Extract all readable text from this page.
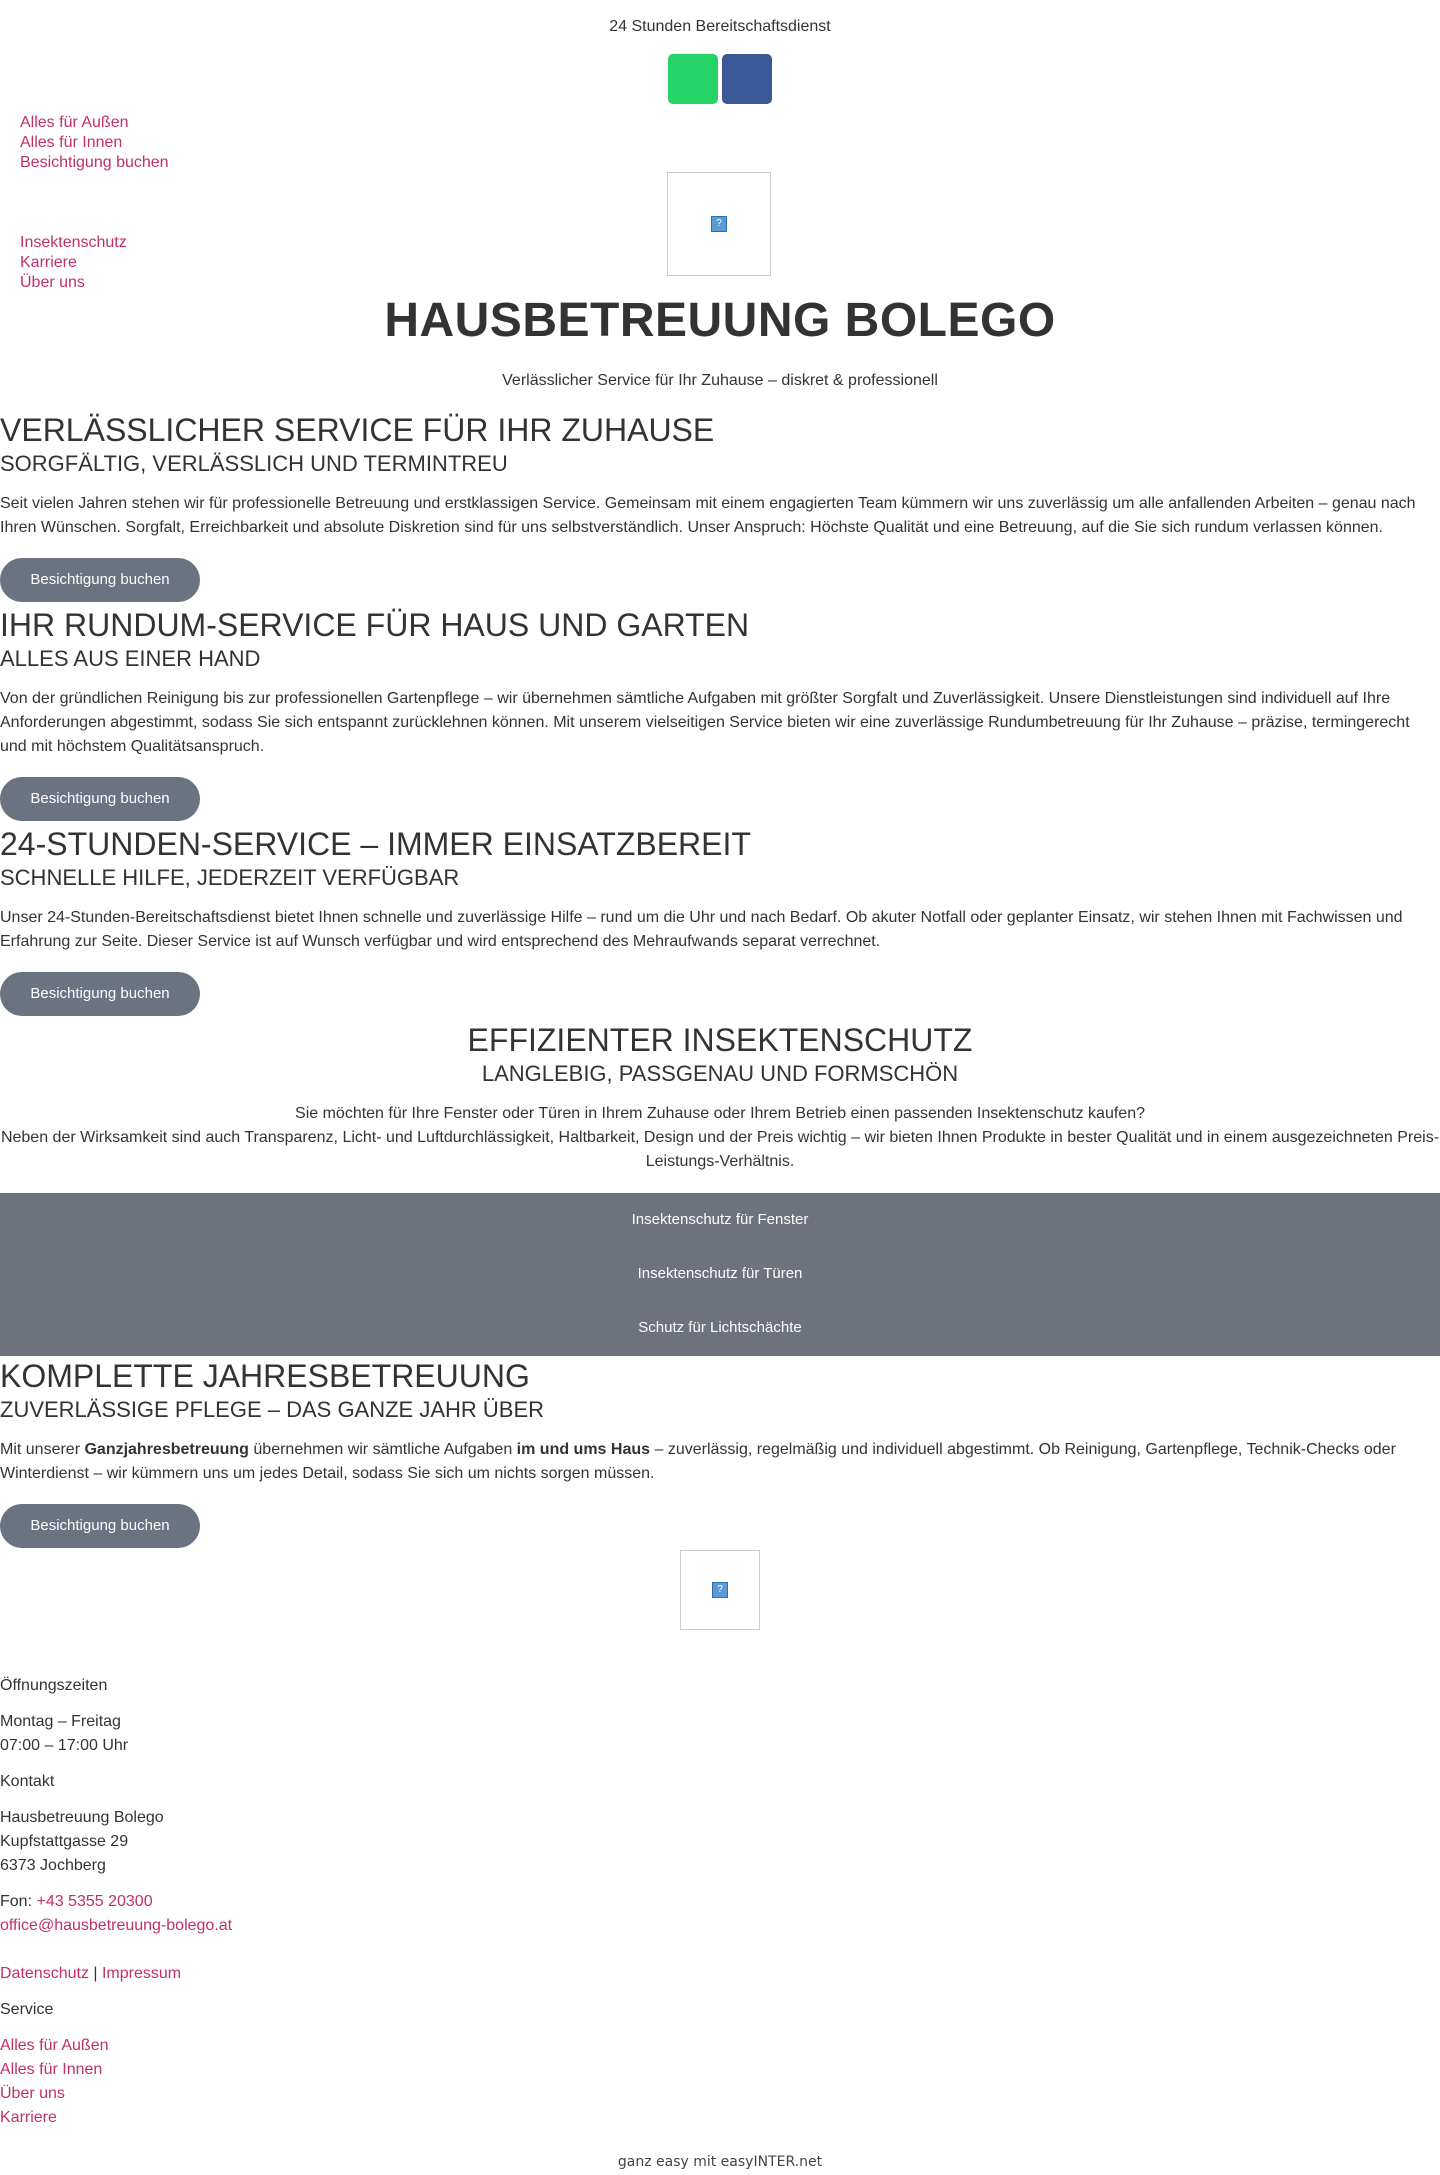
24 Stunden Bereitschaftsdienst
Alles für Außen
Alles für Innen
Besichtigung buchen
Insektenschutz
Karriere
Über uns
?
HAUSBETREUUNG BOLEGO
Verlässlicher Service für Ihr Zuhause – diskret & professionell
VERLÄSSLICHER SERVICE FÜR IHR ZUHAUSE
SORGFÄLTIG, VERLÄSSLICH UND TERMINTREU

Seit vielen Jahren stehen wir für professionelle Betreuung und erstklassigen Service. Gemeinsam mit einem engagierten Team kümmern wir uns zuverlässig um alle anfallenden Arbeiten – genau nach Ihren Wünschen. Sorgfalt, Erreichbarkeit und absolute Diskretion sind für uns selbstverständlich. Unser Anspruch: Höchste Qualität und eine Betreuung, auf die Sie sich rundum verlassen können.

Besichtigung buchen
IHR RUNDUM-SERVICE FÜR HAUS UND GARTEN
ALLES AUS EINER HAND

Von der gründlichen Reinigung bis zur professionellen Gartenpflege – wir übernehmen sämtliche Aufgaben mit größter Sorgfalt und Zuverlässigkeit. Unsere Dienstleistungen sind individuell auf Ihre Anforderungen abgestimmt, sodass Sie sich entspannt zurücklehnen können. Mit unserem vielseitigen Service bieten wir eine zuverlässige Rundumbetreuung für Ihr Zuhause – präzise, termingerecht und mit höchstem Qualitätsanspruch.

Besichtigung buchen
24-STUNDEN-SERVICE – IMMER EINSATZBEREIT
SCHNELLE HILFE, JEDERZEIT VERFÜGBAR

Unser 24-Stunden-Bereitschaftsdienst bietet Ihnen schnelle und zuverlässige Hilfe – rund um die Uhr und nach Bedarf. Ob akuter Notfall oder geplanter Einsatz, wir stehen Ihnen mit Fachwissen und Erfahrung zur Seite. Dieser Service ist auf Wunsch verfügbar und wird entsprechend des Mehraufwands separat verrechnet.

Besichtigung buchen
EFFIZIENTER INSEKTENSCHUTZ
LANGLEBIG, PASSGENAU UND FORMSCHÖN

Sie möchten für Ihre Fenster oder Türen in Ihrem Zuhause oder Ihrem Betrieb einen passenden Insektenschutz kaufen?

Neben der Wirksamkeit sind auch Transparenz, Licht- und Luftdurchlässigkeit, Haltbarkeit, Design und der Preis wichtig – wir bieten Ihnen Produkte in bester Qualität und in einem ausgezeichneten Preis-Leistungs-Verhältnis.

Insektenschutz für Fenster
Insektenschutz für Türen
Schutz für Lichtschächte
KOMPLETTE JAHRESBETREUUNG
ZUVERLÄSSIGE PFLEGE – DAS GANZE JAHR ÜBER

Mit unserer Ganzjahresbetreuung übernehmen wir sämtliche Aufgaben im und ums Haus – zuverlässig, regelmäßig und individuell abgestimmt. Ob Reinigung, Gartenpflege, Technik-Checks oder Winterdienst – wir kümmern uns um jedes Detail, sodass Sie sich um nichts sorgen müssen.

Besichtigung buchen
?
Öffnungszeiten
Montag – Freitag
07:00 – 17:00 Uhr
Kontakt
Hausbetreuung Bolego
Kupfstattgasse 29
6373 Jochberg
Fon: +43 5355 20300
office@hausbetreuung-bolego.at
Datenschutz | Impressum
Service
Alles für Außen
Alles für Innen
Über uns
Karriere
ganz easy mit easyINTER.net
